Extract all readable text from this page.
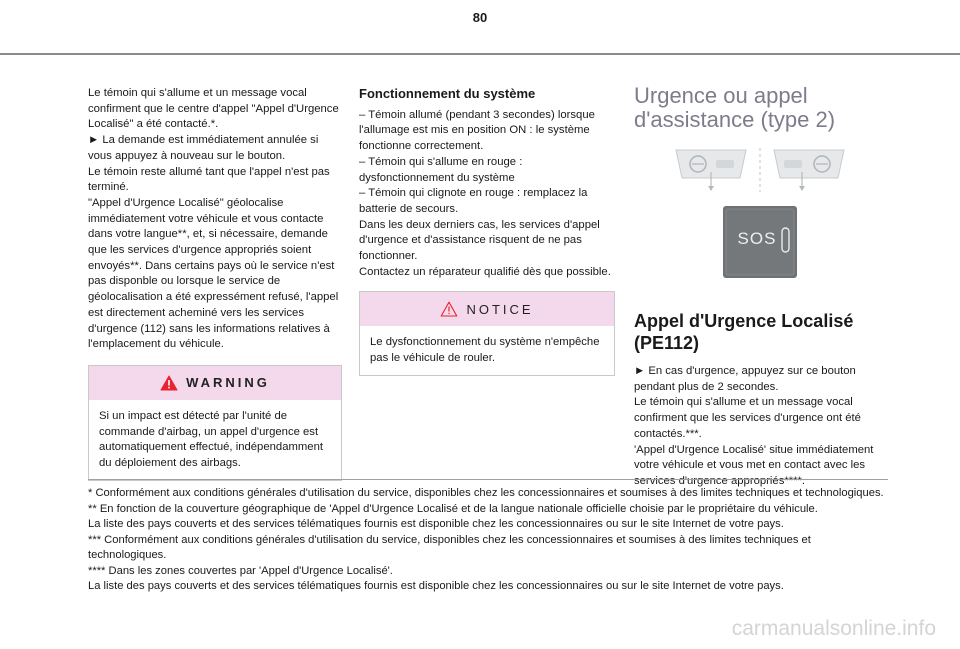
80

Le témoin qui s'allume et un message vocal confirment que le centre d'appel "Appel d'Urgence Localisé" a été contacté.*.
► La demande est immédiatement annulée si vous appuyez à nouveau sur le bouton.
Le témoin reste allumé tant que l'appel n'est pas terminé.
"Appel d'Urgence Localisé" géolocalise immédiatement votre véhicule et vous contacte dans votre langue**, et, si nécessaire, demande que les services d'urgence appropriés soient envoyés**. Dans certains pays où le service n'est pas disponble ou lorsque le service de géolocalisation a été expressément refusé, l'appel est directement acheminé vers les services d'urgence (112) sans les informations relatives à l'emplacement du véhicule.

WARNING

Si un impact est détecté par l'unité de commande d'airbag, un appel d'urgence est automatiquement effectué, indépendamment du déploiement des airbags.

Fonctionnement du système

– Témoin allumé (pendant 3 secondes) lorsque l'allumage est mis en position ON : le système fonctionne correctement.
– Témoin qui s'allume en rouge : dysfonctionnement du système
– Témoin qui clignote en rouge : remplacez la batterie de secours.
Dans les deux derniers cas, les services d'appel d'urgence et d'assistance risquent de ne pas fonctionner.
Contactez un réparateur qualifié dès que possible.

NOTICE

Le dysfonctionnement du système n'empêche pas le véhicule de rouler.

Urgence ou appel d'assistance (type 2)
SOS
Appel d'Urgence Localisé (PE112)

► En cas d'urgence, appuyez sur ce bouton pendant plus de 2 secondes.
Le témoin qui s'allume et un message vocal confirment que les services d'urgence ont été contactés.***.
'Appel d'Urgence Localisé' situe immédiatement votre véhicule et vous met en contact avec les services d'urgence appropriés****.

* Conformément aux conditions générales d'utilisation du service, disponibles chez les concessionnaires et soumises à des limites techniques et technologiques.

** En fonction de la couverture géographique de 'Appel d'Urgence Localisé et de la langue nationale officielle choisie par le propriétaire du véhicule.
La liste des pays couverts et des services télématiques fournis est disponible chez les concessionnaires ou sur le site Internet de votre pays.

*** Conformément aux conditions générales d'utilisation du service, disponibles chez les concessionnaires et soumises à des limites techniques et technologiques.

**** Dans les zones couvertes par 'Appel d'Urgence Localisé'.
La liste des pays couverts et des services télématiques fournis est disponible chez les concessionnaires ou sur le site Internet de votre pays.

carmanualsonline.info
